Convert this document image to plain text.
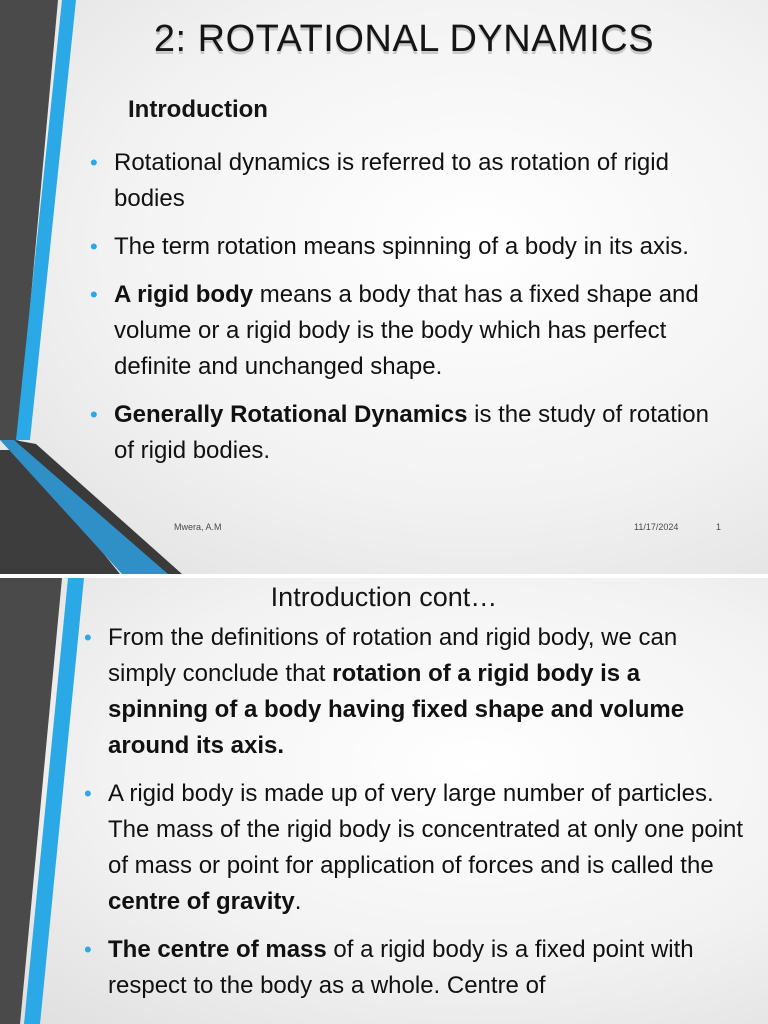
2: ROTATIONAL DYNAMICS
Introduction
• Rotational dynamics is referred to as rotation of rigid bodies
• The term rotation means spinning of a body in its axis.
• A rigid body means a body that has a fixed shape and volume or a rigid body is the body which has perfect definite and unchanged shape.
• Generally Rotational Dynamics is the study of rotation of rigid bodies.
Mwera, A.M	11/17/2024	1
Introduction cont…
• From the definitions of rotation and rigid body, we can simply conclude that rotation of a rigid body is a spinning of a body having fixed shape and volume around its axis.
• A rigid body is made up of very large number of particles. The mass of the rigid body is concentrated at only one point of mass or point for application of forces and is called the centre of gravity.
• The centre of mass of a rigid body is a fixed point with respect to the body as a whole. Centre of
